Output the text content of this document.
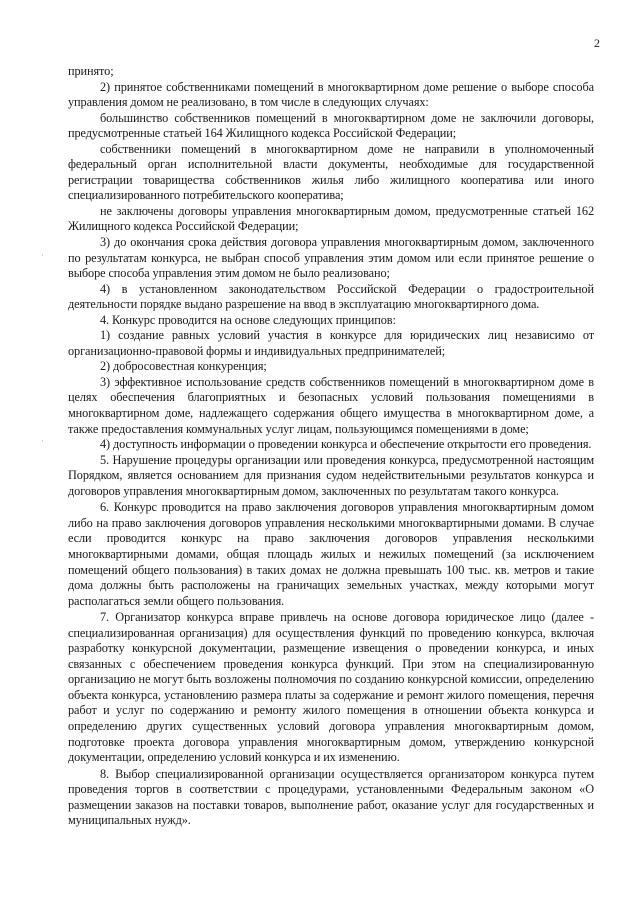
2
·
·

принято;

2) принятое собственниками помещений в многоквартирном доме решение о выборе способа управления домом не реализовано, в том числе в следующих случаях:

большинство собственников помещений в многоквартирном доме не заключили договоры, предусмотренные статьей 164 Жилищного кодекса Российской Федерации;

собственники помещений в многоквартирном доме не направили в уполномоченный федеральный орган исполнительной власти документы, необходимые для государственной регистрации товарищества собственников жилья либо жилищного кооператива или иного специализированного потребительского кооператива;

не заключены договоры управления многоквартирным домом, предусмотренные статьей 162 Жилищного кодекса Российской Федерации;

3) до окончания срока действия договора управления многоквартирным домом, заключенного по результатам конкурса, не выбран способ управления этим домом или если принятое решение о выборе способа управления этим домом не было реализовано;

4) в установленном законодательством Российской Федерации о градостроительной деятельности порядке выдано разрешение на ввод в эксплуатацию многоквартирного дома.

4. Конкурс проводится на основе следующих принципов:

1) создание равных условий участия в конкурсе для юридических лиц независимо от организационно-правовой формы и индивидуальных предпринимателей;

2) добросовестная конкуренция;

3) эффективное использование средств собственников помещений в многоквартирном доме в целях обеспечения благоприятных и безопасных условий пользования помещениями в многоквартирном доме, надлежащего содержания общего имущества в многоквартирном доме, а также предоставления коммунальных услуг лицам, пользующимся помещениями в доме;

4) доступность информации о проведении конкурса и обеспечение открытости его проведения.

5. Нарушение процедуры организации или проведения конкурса, предусмотренной настоящим Порядком, является основанием для признания судом недействительными результатов конкурса и договоров управления многоквартирным домом, заключенных по результатам такого конкурса.

6. Конкурс проводится на право заключения договоров управления многоквартирным домом либо на право заключения договоров управления несколькими многоквартирными домами. В случае если проводится конкурс на право заключения договоров управления несколькими многоквартирными домами, общая площадь жилых и нежилых помещений (за исключением помещений общего пользования) в таких домах не должна превышать 100 тыс. кв. метров и такие дома должны быть расположены на граничащих земельных участках, между которыми могут располагаться земли общего пользования.

7. Организатор конкурса вправе привлечь на основе договора юридическое лицо (далее - специализированная организация) для осуществления функций по проведению конкурса, включая разработку конкурсной документации, размещение извещения о проведении конкурса, и иных связанных с обеспечением проведения конкурса функций. При этом на специализированную организацию не могут быть возложены полномочия по созданию конкурсной комиссии, определению объекта конкурса, установлению размера платы за содержание и ремонт жилого помещения, перечня работ и услуг по содержанию и ремонту жилого помещения в отношении объекта конкурса и определению других существенных условий договора управления многоквартирным домом, подготовке проекта договора управления многоквартирным домом, утверждению конкурсной документации, определению условий конкурса и их изменению.

8. Выбор специализированной организации осуществляется организатором конкурса путем проведения торгов в соответствии с процедурами, установленными Федеральным законом «О размещении заказов на поставки товаров, выполнение работ, оказание услуг для государственных и муниципальных нужд».
